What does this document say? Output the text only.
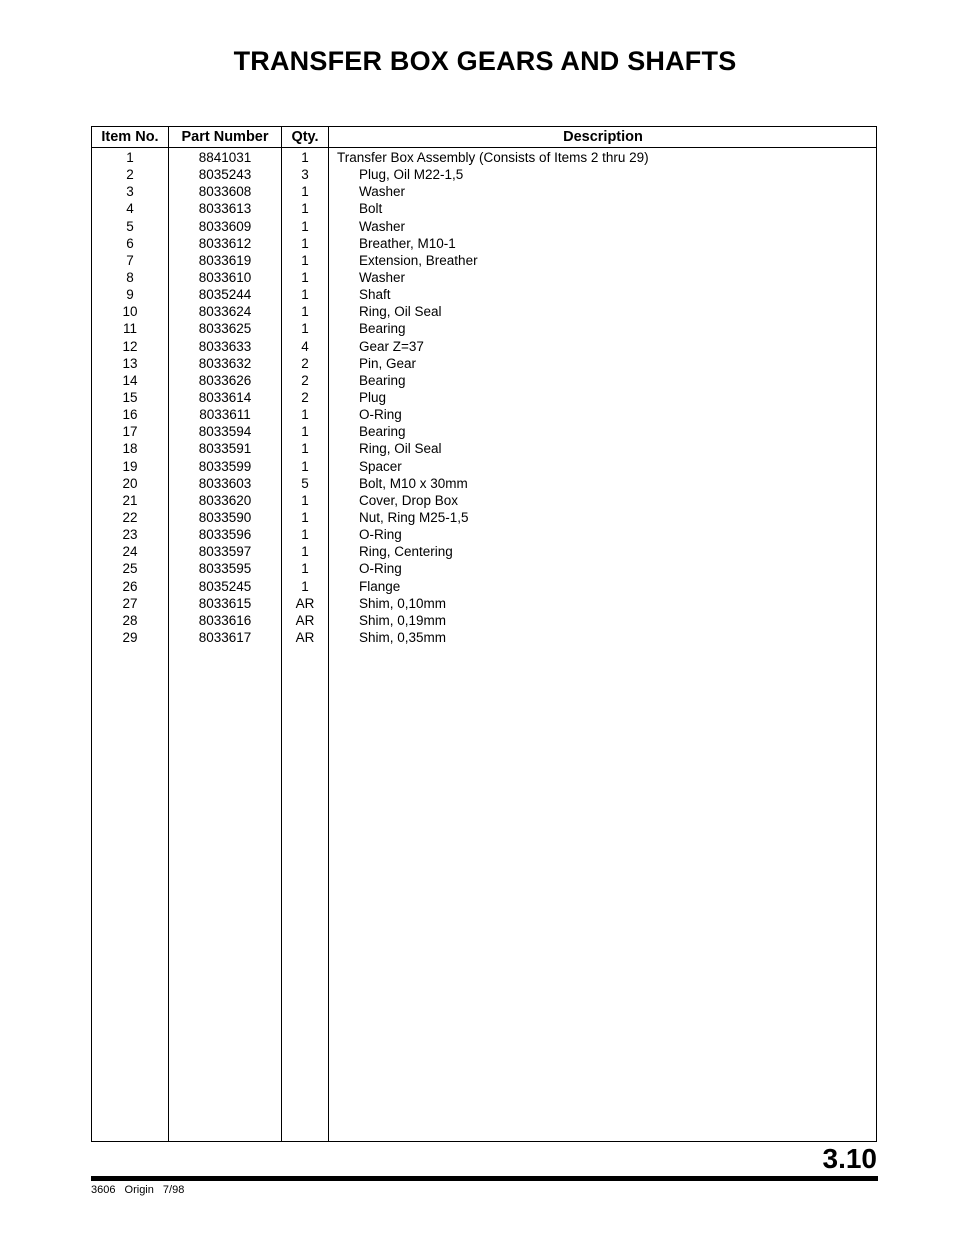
TRANSFER BOX GEARS AND SHAFTS
Item No.	Part Number	Qty.	Description
1	8841031	1	Transfer Box Assembly (Consists of Items 2 thru 29)
2	8035243	3	Plug, Oil M22-1,5
3	8033608	1	Washer
4	8033613	1	Bolt
5	8033609	1	Washer
6	8033612	1	Breather, M10-1
7	8033619	1	Extension, Breather
8	8033610	1	Washer
9	8035244	1	Shaft
10	8033624	1	Ring, Oil Seal
11	8033625	1	Bearing
12	8033633	4	Gear Z=37
13	8033632	2	Pin, Gear
14	8033626	2	Bearing
15	8033614	2	Plug
16	8033611	1	O-Ring
17	8033594	1	Bearing
18	8033591	1	Ring, Oil Seal
19	8033599	1	Spacer
20	8033603	5	Bolt, M10 x 30mm
21	8033620	1	Cover, Drop Box
22	8033590	1	Nut, Ring M25-1,5
23	8033596	1	O-Ring
24	8033597	1	Ring, Centering
25	8033595	1	O-Ring
26	8035245	1	Flange
27	8033615	AR	Shim, 0,10mm
28	8033616	AR	Shim, 0,19mm
29	8033617	AR	Shim, 0,35mm
3.10
3606 Origin 7/98
